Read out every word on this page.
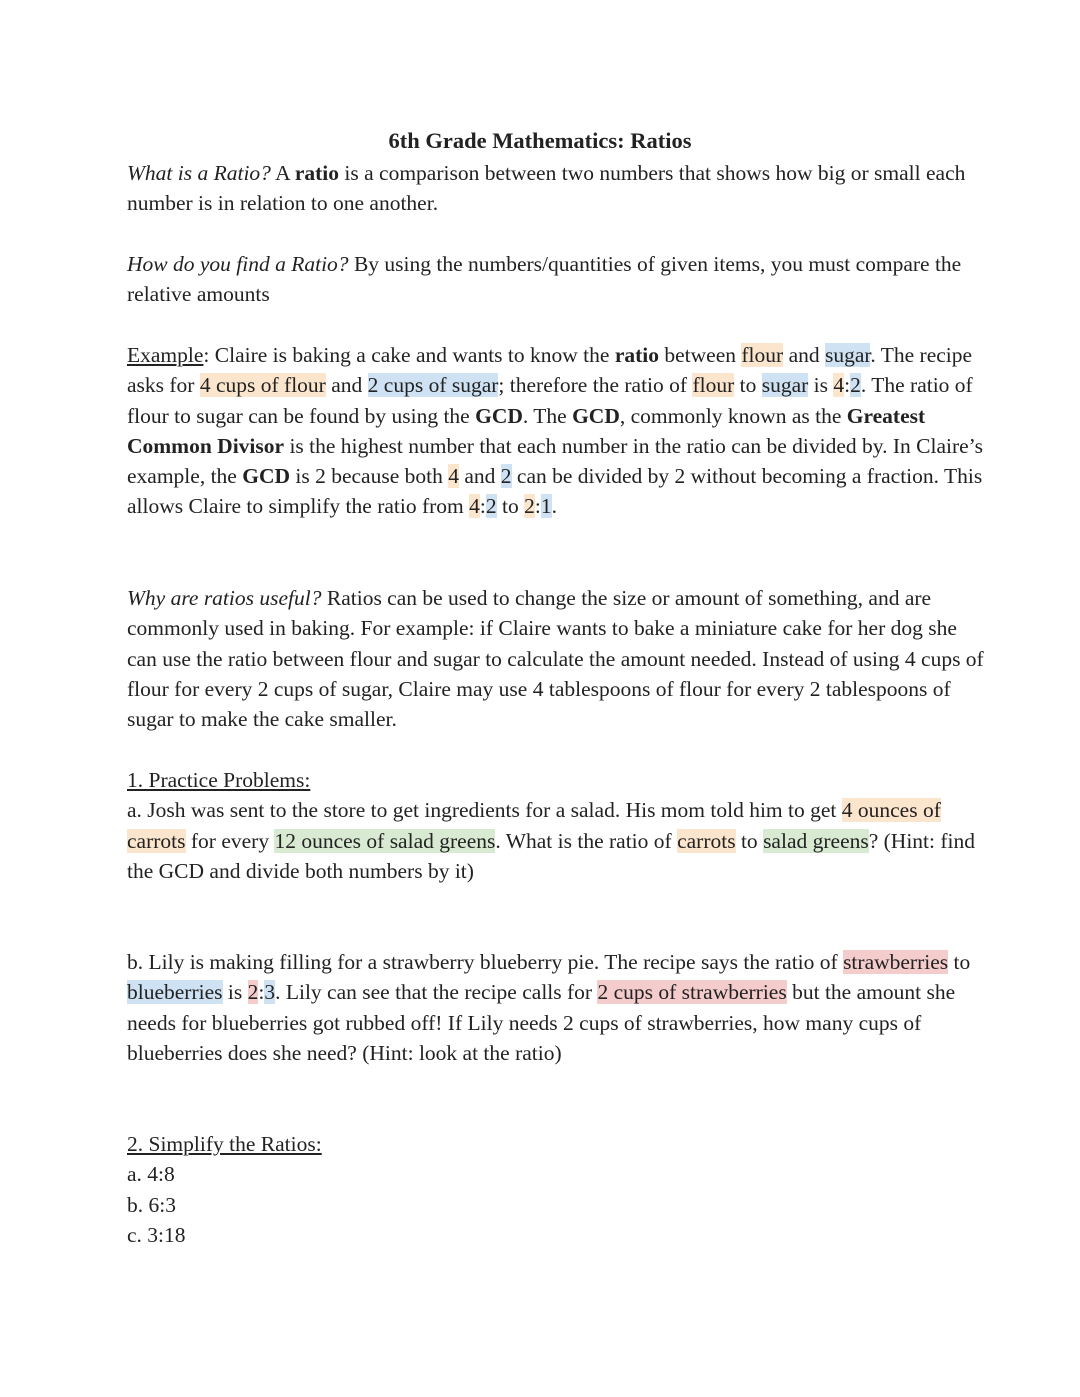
6th Grade Mathematics: Ratios

What is a Ratio? A ratio is a comparison between two numbers that shows how big or small each number is in relation to one another.

How do you find a Ratio? By using the numbers/quantities of given items, you must compare the relative amounts

Example: Claire is baking a cake and wants to know the ratio between flour and sugar. The recipe asks for 4 cups of flour and 2 cups of sugar; therefore the ratio of flour to sugar is 4:2. The ratio of flour to sugar can be found by using the GCD. The GCD, commonly known as the Greatest Common Divisor is the highest number that each number in the ratio can be divided by. In Claire’s example, the GCD is 2 because both 4 and 2 can be divided by 2 without becoming a fraction. This allows Claire to simplify the ratio from 4:2 to 2:1.

Why are ratios useful? Ratios can be used to change the size or amount of something, and are commonly used in baking. For example: if Claire wants to bake a miniature cake for her dog she can use the ratio between flour and sugar to calculate the amount needed. Instead of using 4 cups of flour for every 2 cups of sugar, Claire may use 4 tablespoons of flour for every 2 tablespoons of sugar to make the cake smaller.

1. Practice Problems:
a. Josh was sent to the store to get ingredients for a salad. His mom told him to get 4 ounces of carrots for every 12 ounces of salad greens. What is the ratio of carrots to salad greens? (Hint: find the GCD and divide both numbers by it)

b. Lily is making filling for a strawberry blueberry pie. The recipe says the ratio of strawberries to blueberries is 2:3. Lily can see that the recipe calls for 2 cups of strawberries but the amount she needs for blueberries got rubbed off! If Lily needs 2 cups of strawberries, how many cups of blueberries does she need? (Hint: look at the ratio)

2. Simplify the Ratios:
a. 4:8
b. 6:3
c. 3:18
